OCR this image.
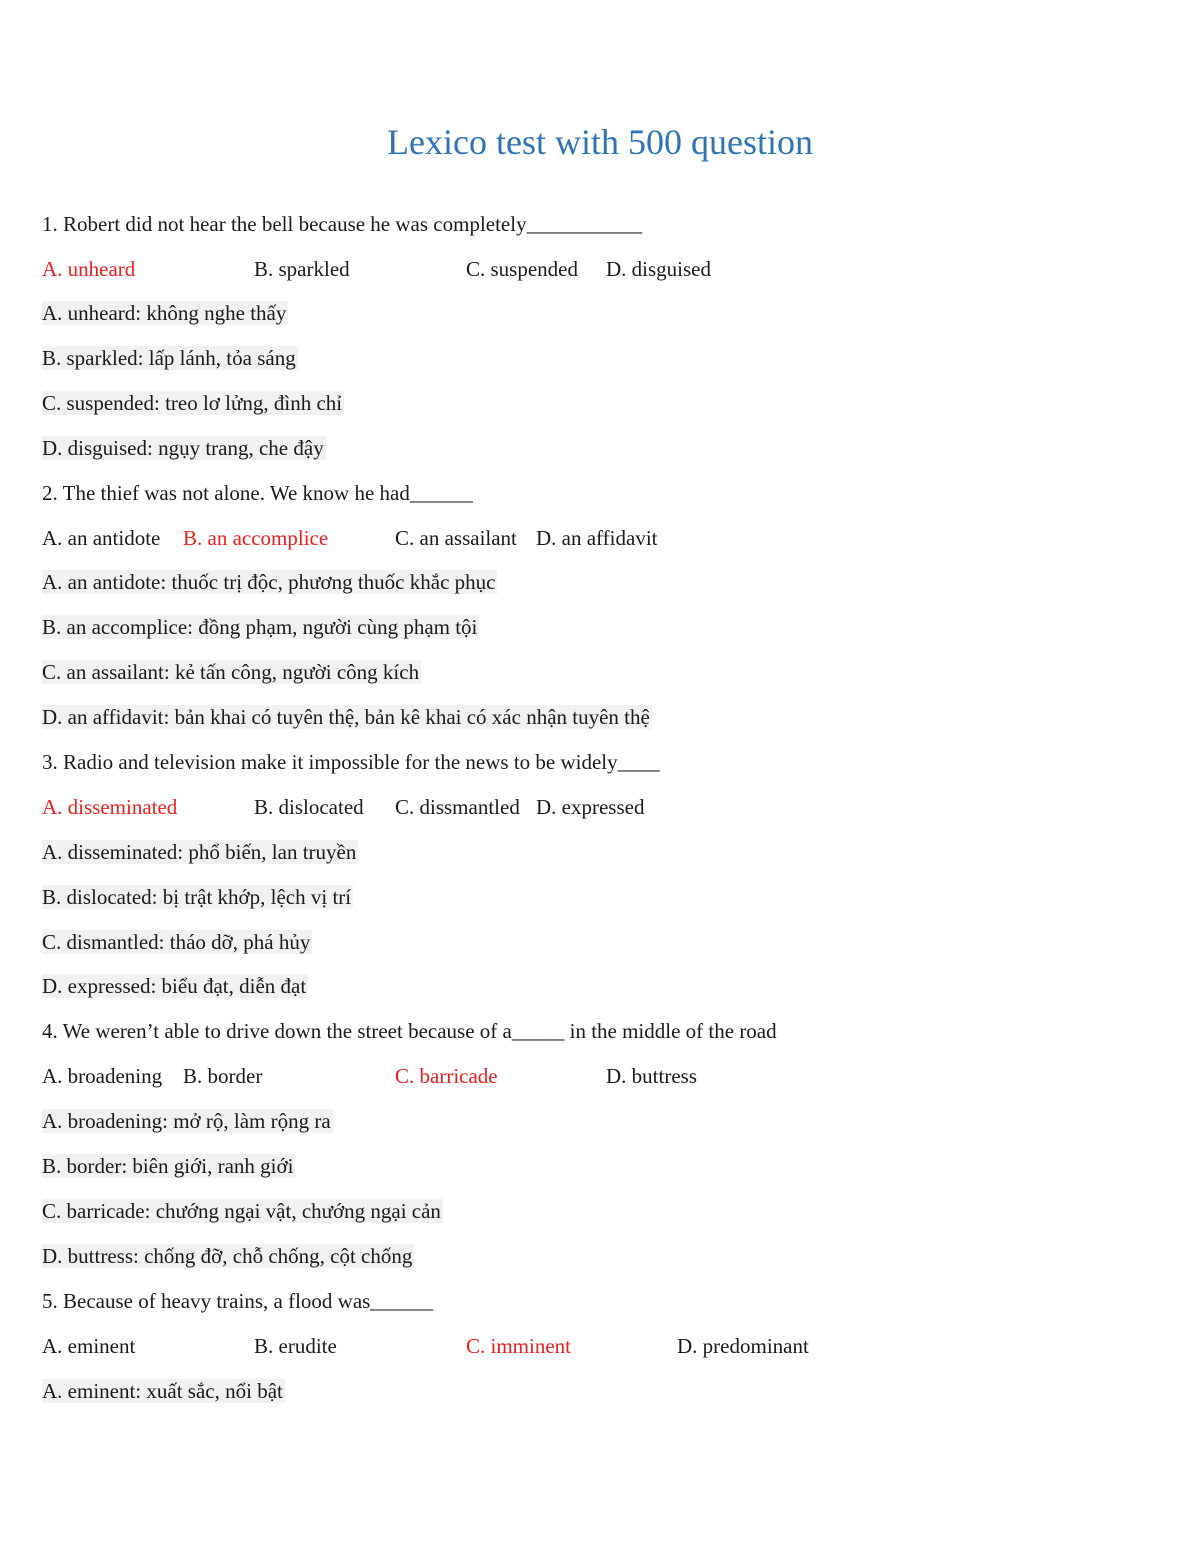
Lexico test with 500 question
1. Robert did not hear the bell because he was completely___________
A. unheard	B. sparkled	C. suspended D. disguised
A. unheard: không nghe thấy
B. sparkled: lấp lánh, tỏa sáng
C. suspended: treo lơ lửng, đình chỉ
D. disguised: ngụy trang, che đậy
2. The thief was not alone. We know he had______
A. an antidote B. an accomplice	C. an assailant D. an affidavit
A. an antidote: thuốc trị độc, phương thuốc khắc phục
B. an accomplice: đồng phạm, người cùng phạm tội
C. an assailant: kẻ tấn công, người công kích
D. an affidavit: bản khai có tuyên thệ, bản kê khai có xác nhận tuyên thệ
3. Radio and television make it impossible for the news to be widely____
A. disseminated	B. dislocated C. dissmantled D. expressed
A. disseminated: phổ biến, lan truyền
B. dislocated: bị trật khớp, lệch vị trí
C. dismantled: tháo dỡ, phá hủy
D. expressed: biểu đạt, diễn đạt
4. We weren’t able to drive down the street because of a_____ in the middle of the road
A. broadening B. border	C. barricade	D. buttress
A. broadening: mở rộ, làm rộng ra
B. border: biên giới, ranh giới
C. barricade: chướng ngại vật, chướng ngại cản
D. buttress: chống đỡ, chỗ chống, cột chống
5. Because of heavy trains, a flood was______
A. eminent	B. erudite	C. imminent	D. predominant
A. eminent: xuất sắc, nổi bật
